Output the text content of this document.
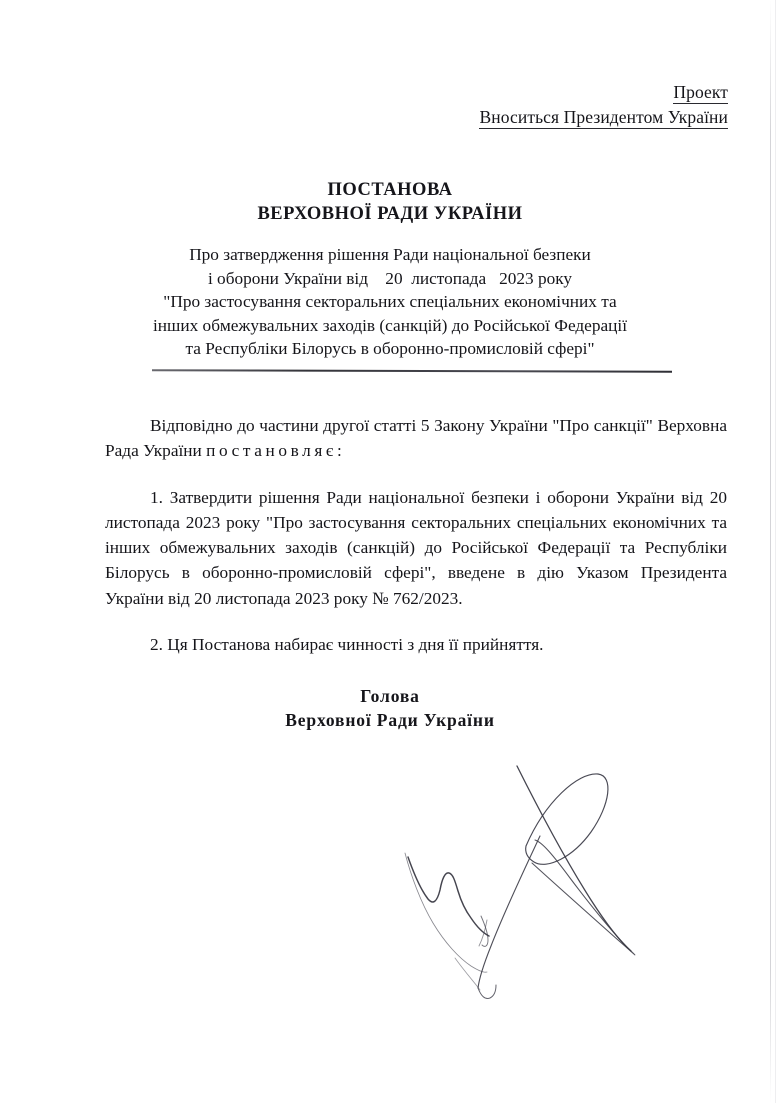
Проект
Вноситься Президентом України
ПОСТАНОВА
ВЕРХОВНОЇ РАДИ УКРАЇНИ
Про затвердження рішення Ради національної безпеки
і оборони України від    20  листопада   2023 року
"Про застосування секторальних спеціальних економічних та
інших обмежувальних заходів (санкцій) до Російської Федерації
та Республіки Білорусь в оборонно-промисловій сфері"

Відповідно до частини другої статті 5 Закону України "Про санкції" Верховна Рада України постановляє:

1. Затвердити рішення Ради національної безпеки і оборони України від 20 листопада 2023 року "Про застосування секторальних спеціальних економічних та інших обмежувальних заходів (санкцій) до Російської Федерації та Республіки Білорусь в оборонно-промисловій сфері", введене в дію Указом Президента України від 20 листопада 2023 року № 762/2023.

2. Ця Постанова набирає чинності з дня її прийняття.

Голова
Верховної Ради України
